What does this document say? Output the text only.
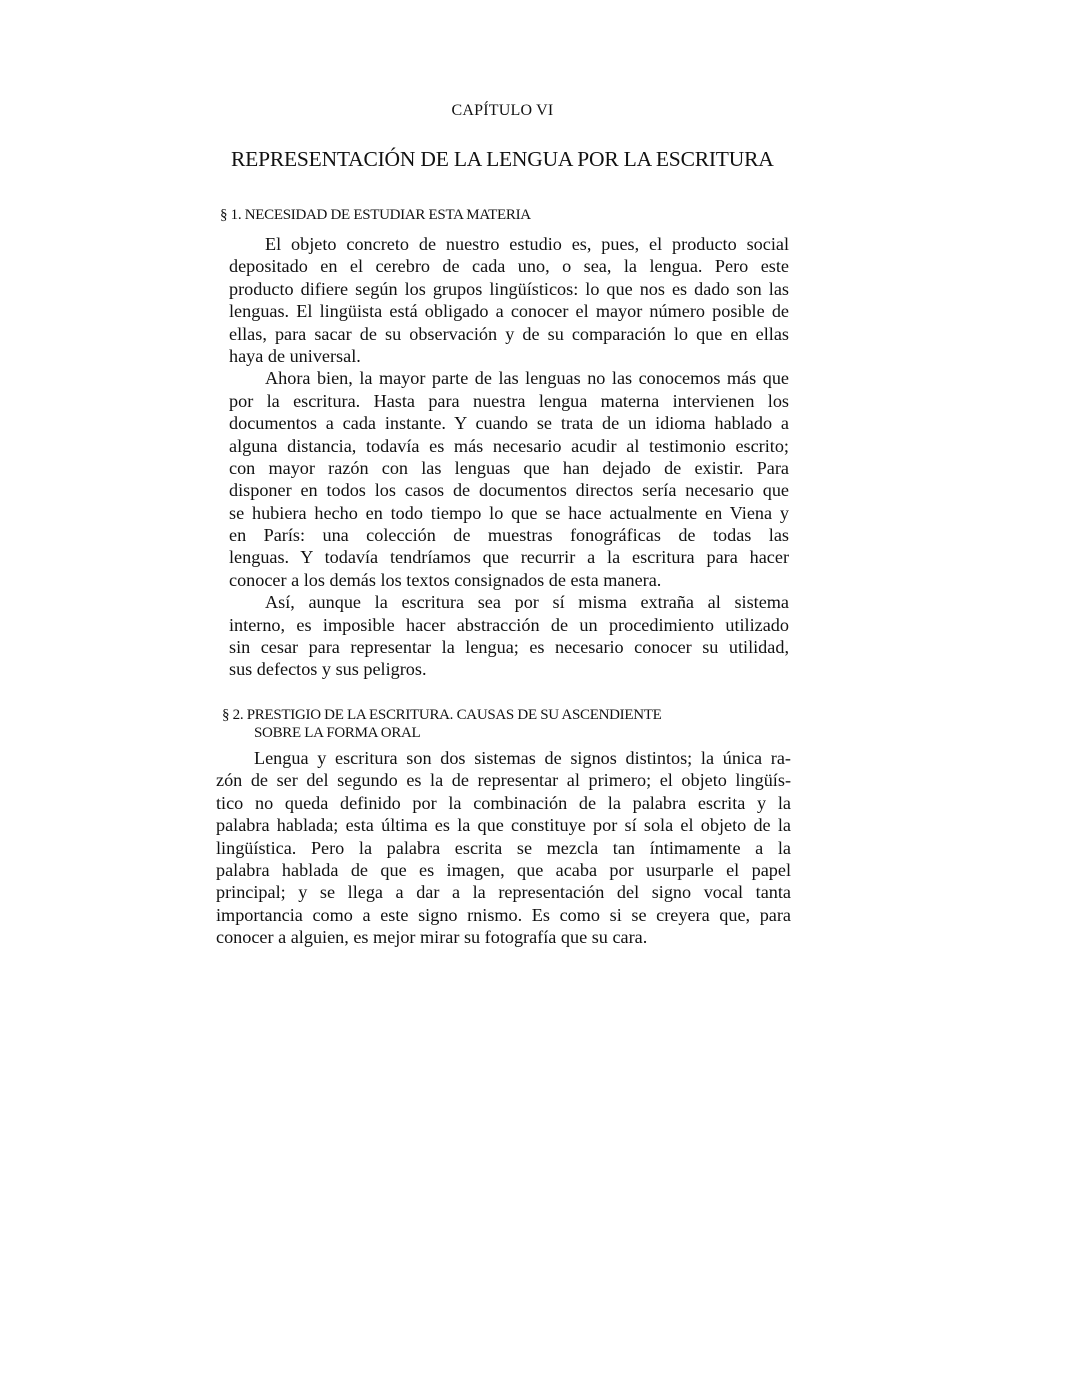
CAPÍTULO VI
REPRESENTACIÓN DE LA LENGUA POR LA ESCRITURA
§ 1. NECESIDAD DE ESTUDIAR ESTA MATERIA
El objeto concreto de nuestro estudio es, pues, el producto social
depositado en el cerebro de cada uno, o sea, la lengua. Pero este
producto difiere según los grupos lingüísticos: lo que nos es dado son las
lenguas. El lingüista está obligado a conocer el mayor número posible de
ellas, para sacar de su observación y de su comparación lo que en ellas
haya de universal.
Ahora bien, la mayor parte de las lenguas no las conocemos más que
por la escritura. Hasta para nuestra lengua materna intervienen los
documentos a cada instante. Y cuando se trata de un idioma hablado a
alguna distancia, todavía es más necesario acudir al testimonio escrito;
con mayor razón con las lenguas que han dejado de existir. Para
disponer en todos los casos de documentos directos sería necesario que
se hubiera hecho en todo tiempo lo que se hace actualmente en Viena y
en París: una colección de muestras fonográficas de todas las
lenguas. Y todavía tendríamos que recurrir a la escritura para hacer
conocer a los demás los textos consignados de esta manera.
Así, aunque la escritura sea por sí misma extraña al sistema
interno, es imposible hacer abstracción de un procedimiento utilizado
sin cesar para representar la lengua; es necesario conocer su utilidad,
sus defectos y sus peligros.
§ 2. PRESTIGIO DE LA ESCRITURA. CAUSAS DE SU ASCENDIENTE
SOBRE LA FORMA ORAL
Lengua y escritura son dos sistemas de signos distintos; la única ra-
zón de ser del segundo es la de representar al primero; el objeto lingüís-
tico no queda definido por la combinación de la palabra escrita y la
palabra hablada; esta última es la que constituye por sí sola el objeto de la
lingüística. Pero la palabra escrita se mezcla tan íntimamente a la
palabra hablada de que es imagen, que acaba por usurparle el papel
principal; y se llega a dar a la representación del signo vocal tanta
importancia como a este signo rnismo. Es como si se creyera que, para
conocer a alguien, es mejor mirar su fotografía que su cara.
